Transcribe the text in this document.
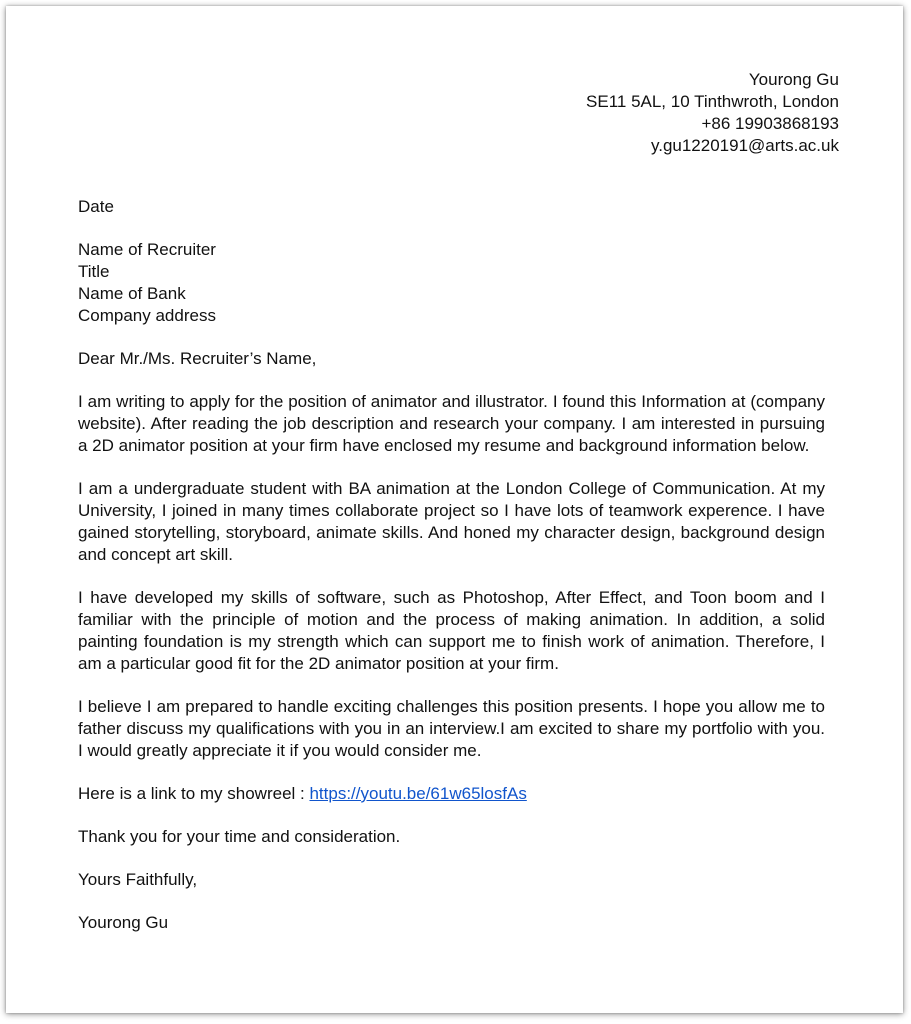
Yourong Gu
SE11 5AL, 10 Tinthwroth, London
+86 19903868193
y.gu1220191@arts.ac.uk
Date
Name of Recruiter
Title
Name of Bank
Company address
Dear Mr./Ms. Recruiter’s Name,

I am writing to apply for the position of animator and illustrator. I found this Information at (company website). After reading the job description and research your company. I am interested in pursuing a 2D animator position at your firm have enclosed my resume and background information below.

I am a undergraduate student with BA animation at the London College of Communication. At my University, I joined in many times collaborate project so I have lots of teamwork experence. I have gained storytelling, storyboard, animate skills. And honed my character design, background design and concept art skill.

I have developed my skills of software, such as Photoshop, After Effect, and Toon boom and I familiar with the principle of motion and the process of making animation. In addition, a solid painting foundation is my strength which can support me to finish work of animation. Therefore, I am a particular good fit for the 2D animator position at your firm.

I believe I am prepared to handle exciting challenges this position presents. I hope you allow me to father discuss my qualifications with you in an interview.I am excited to share my portfolio with you. I would greatly appreciate it if you would consider me.

Here is a link to my showreel : https://youtu.be/61w65losfAs
Thank you for your time and consideration.
Yours Faithfully,
Yourong Gu
